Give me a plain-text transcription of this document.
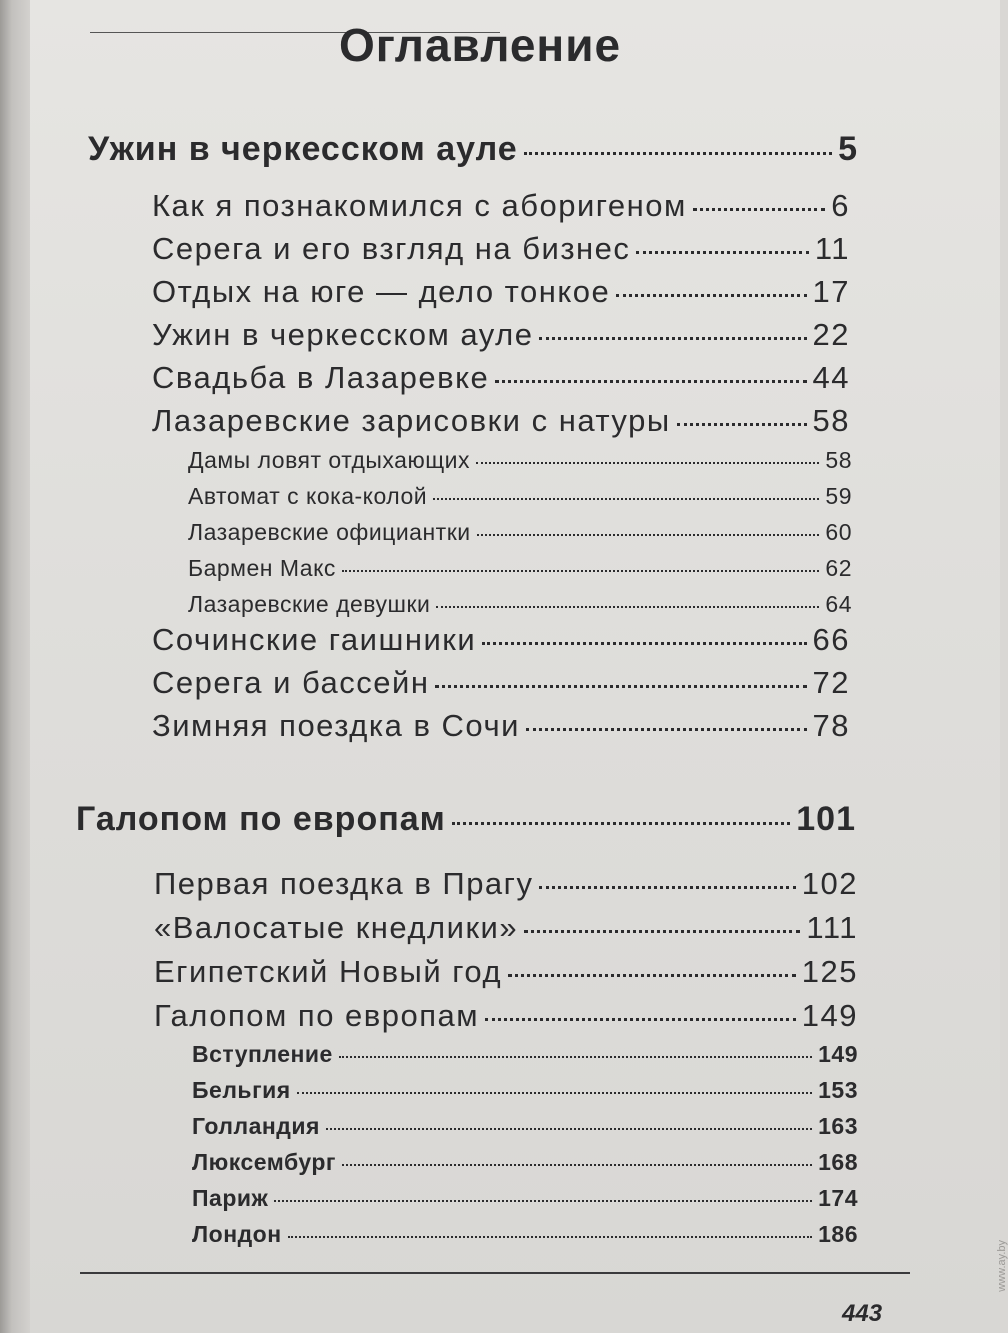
Оглавление
Ужин в черкесском ауле	5
Как я познакомился с аборигеном	6
Серега и его взгляд на бизнес	11
Отдых на юге — дело тонкое	17
Ужин в черкесском ауле	22
Свадьба в Лазаревке	44
Лазаревские зарисовки с натуры	58
Дамы ловят отдыхающих	58
Автомат с кока-колой	59
Лазаревские официантки	60
Бармен Макс	62
Лазаревские девушки	64
Сочинские гаишники	66
Серега и бассейн	72
Зимняя поездка в Сочи	78
Галопом по европам	101
Первая поездка в Прагу	102
«Валосатые кнедлики»	111
Египетский Новый год	125
Галопом по европам	149
Вступление	149
Бельгия	153
Голландия	163
Люксембург	168
Париж	174
Лондон	186
443
www.ay.by
